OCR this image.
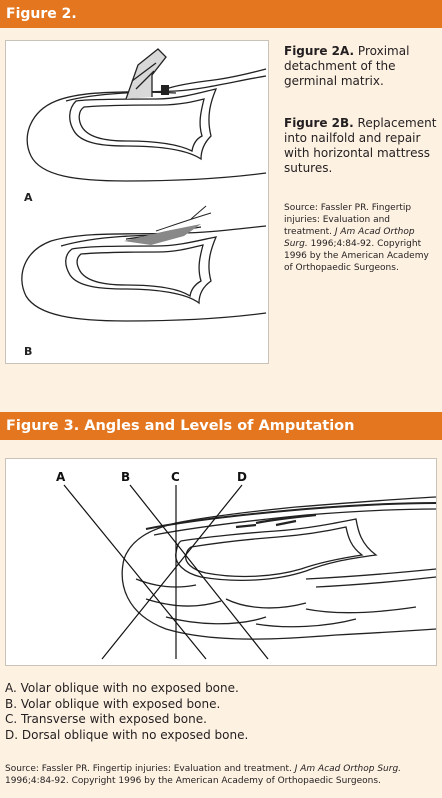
Figure 2.
A
B
Figure 2A. Proximal detachment of the germinal matrix.
Figure 2B. Replacement into nailfold and repair with horizontal mattress sutures.
Source: Fassler PR. Fingertip injuries: Evaluation and treatment. J Am Acad Orthop Surg. 1996;4:84-92. Copyright 1996 by the American Academy of Orthopaedic Surgeons.
Figure 3. Angles and Levels of Amputation
A	B	C	D
A. Volar oblique with no exposed bone.
B. Volar oblique with exposed bone.
C. Transverse with exposed bone.
D. Dorsal oblique with no exposed bone.
Source: Fassler PR. Fingertip injuries: Evaluation and treatment. J Am Acad Orthop Surg. 1996;4:84-92. Copyright 1996 by the American Academy of Orthopaedic Surgeons.
